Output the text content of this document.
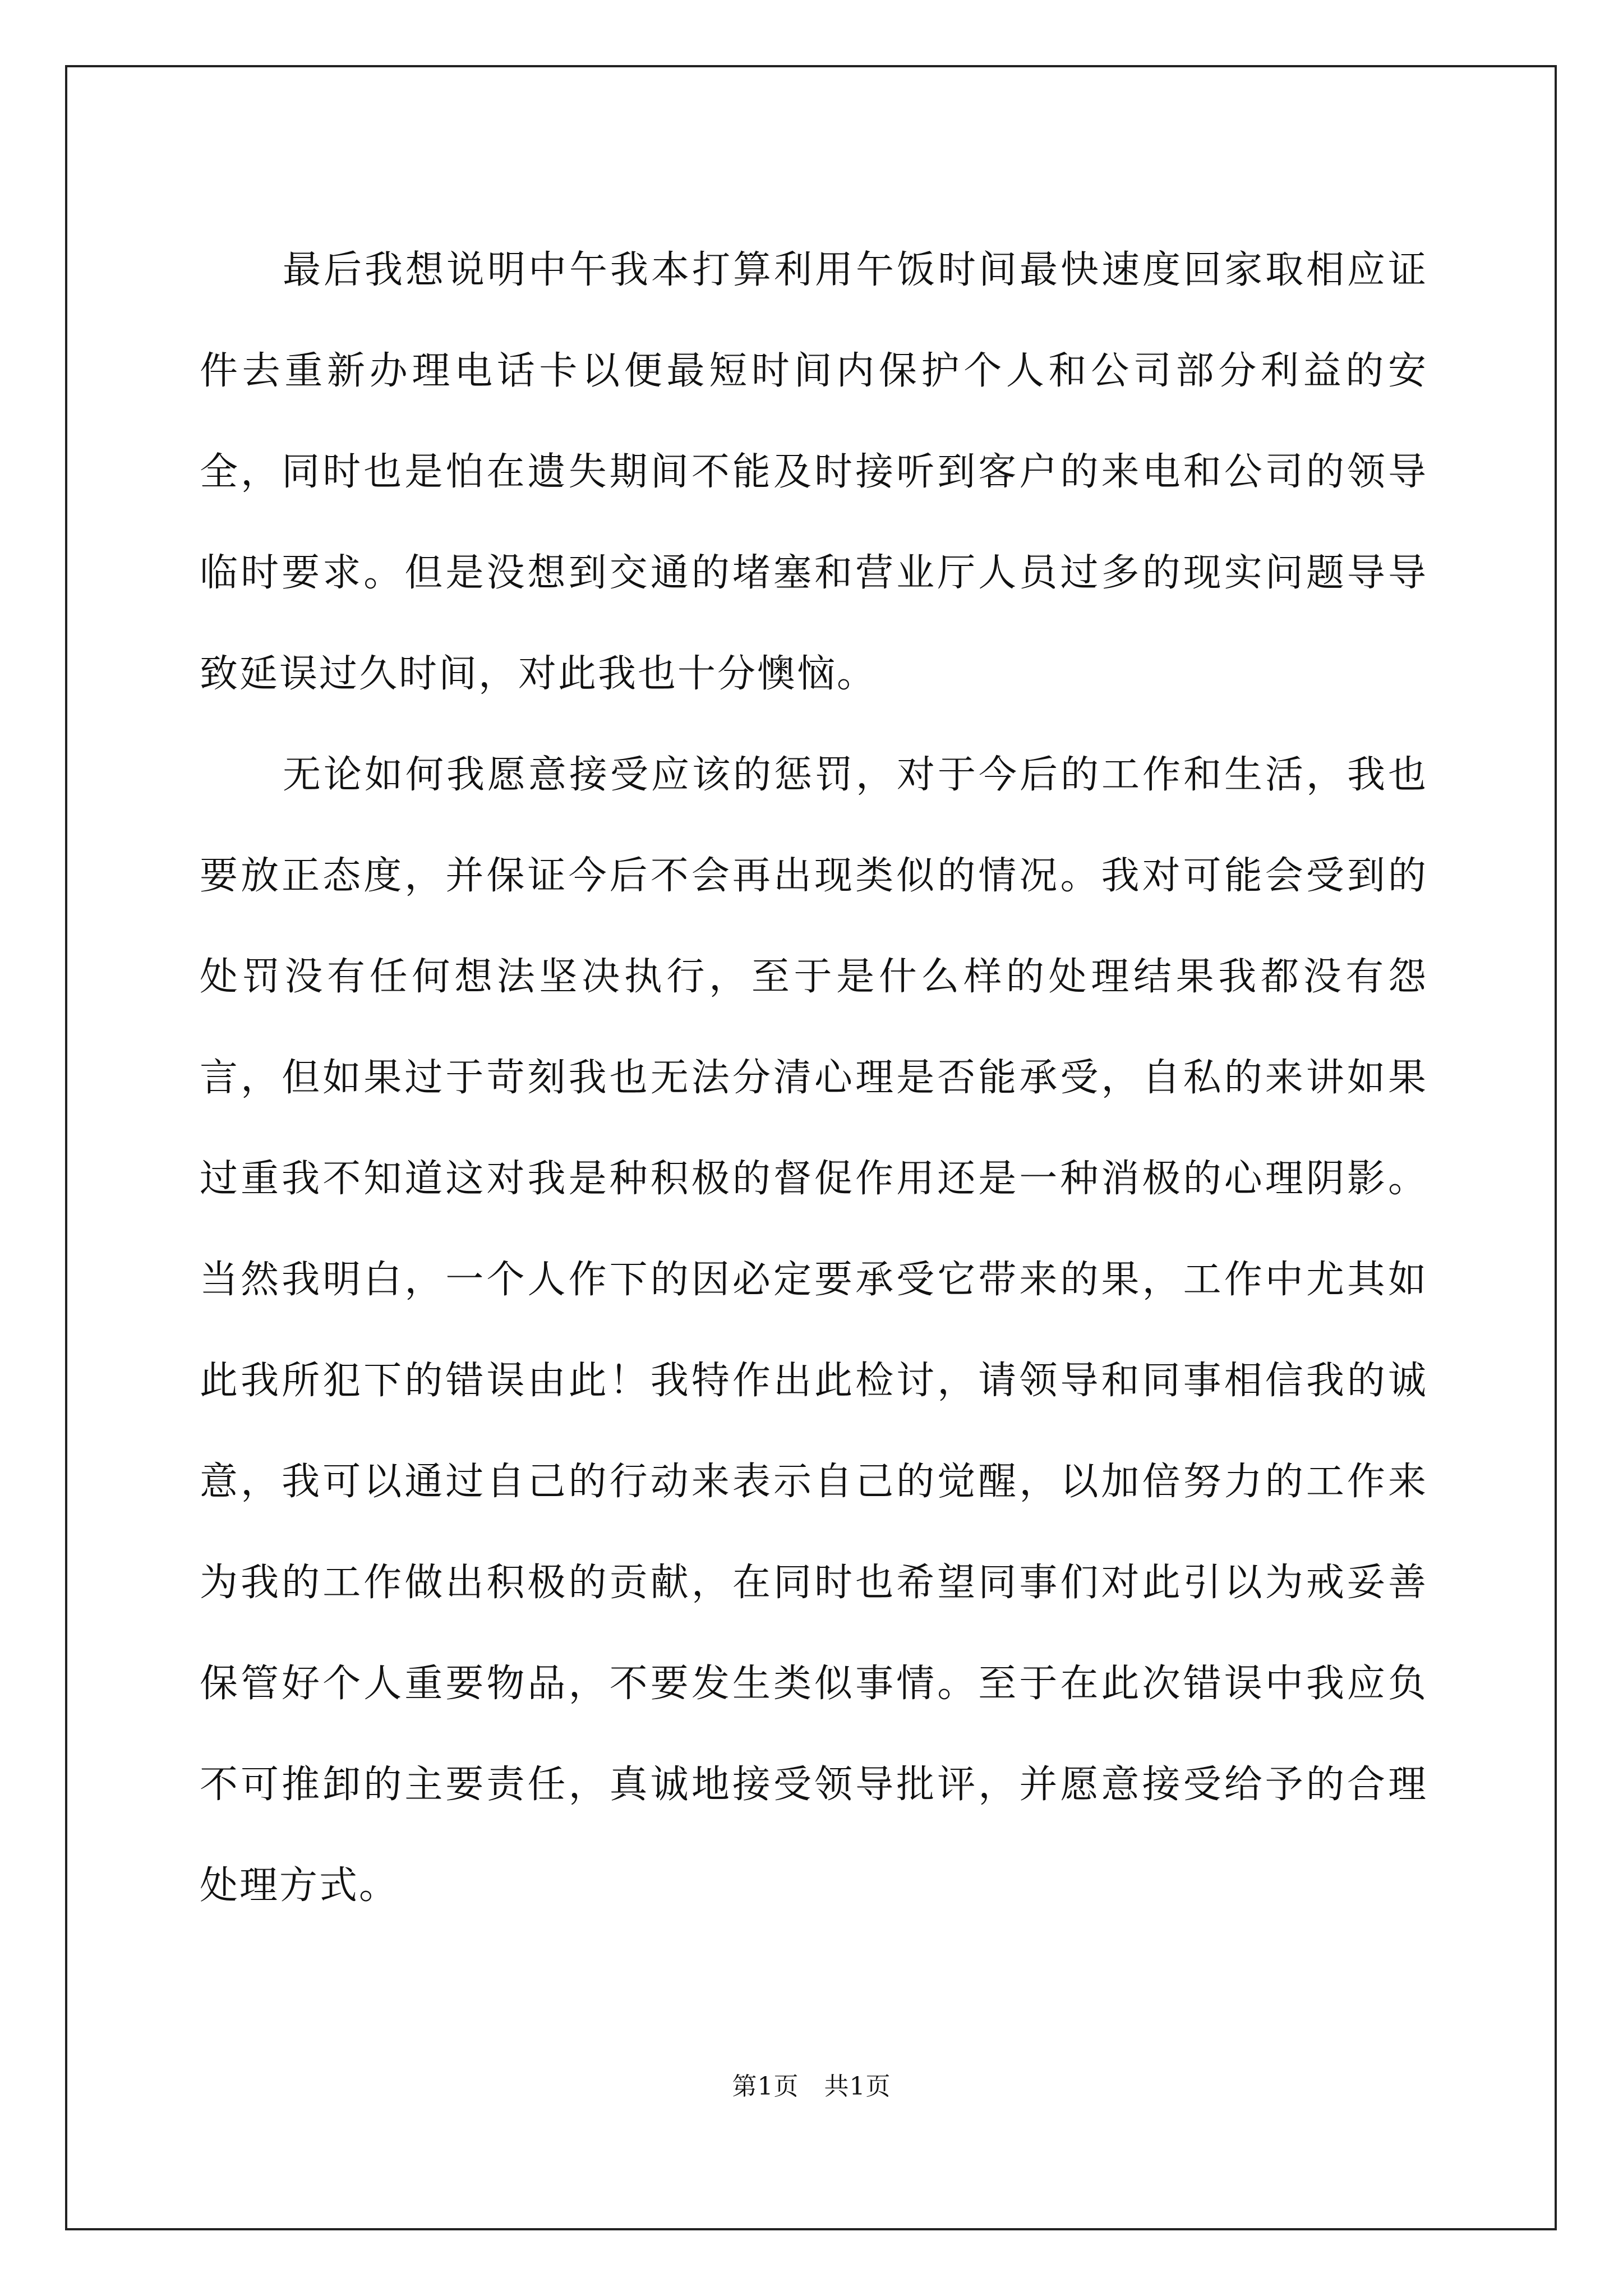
最后我想说明中午我本打算利用午饭时间最快速度回家取相应证件去重新办理电话卡以便最短时间内保护个人和公司部分利益的安全，同时也是怕在遗失期间不能及时接听到客户的来电和公司的领导临时要求。但是没想到交通的堵塞和营业厅人员过多的现实问题导导致延误过久时间，对此我也十分懊恼。

无论如何我愿意接受应该的惩罚，对于今后的工作和生活，我也要放正态度，并保证今后不会再出现类似的情况。我对可能会受到的处罚没有任何想法坚决执行，至于是什么样的处理结果我都没有怨言，但如果过于苛刻我也无法分清心理是否能承受，自私的来讲如果过重我不知道这对我是种积极的督促作用还是一种消极的心理阴影。当然我明白，一个人作下的因必定要承受它带来的果，工作中尤其如此我所犯下的错误由此！我特作出此检讨，请领导和同事相信我的诚意，我可以通过自己的行动来表示自己的觉醒，以加倍努力的工作来为我的工作做出积极的贡献，在同时也希望同事们对此引以为戒妥善保管好个人重要物品，不要发生类似事情。至于在此次错误中我应负不可推卸的主要责任，真诚地接受领导批评，并愿意接受给予的合理处理方式。

第1页　共1页
